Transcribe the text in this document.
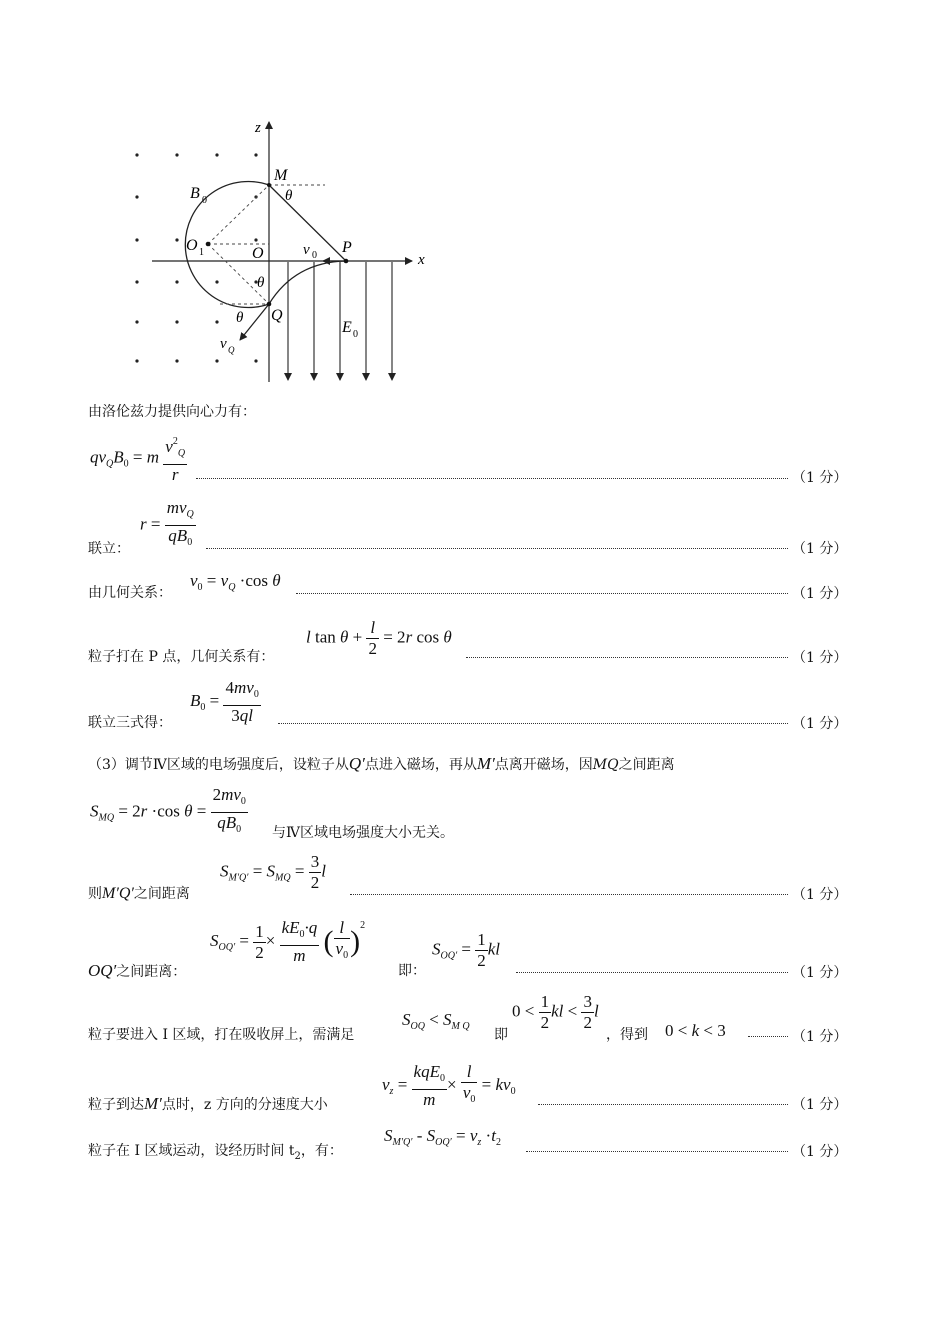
z
x
M
θ
B 0
O 1	O	v 0 P
θ
θ Q
E 0
v Q
由洛伦兹力提供向心力有：
$qv_QB_0 = m \frac{v^2_Q}{r}$
联立：
$r = \frac{mv_Q}{qB_0}$
由几何关系：
$v_0 = v_Q \cdot\cos$ θ
粒子打在 P 点，几何关系有：
l $\tan \theta + \frac{l}{2} = 2r$ cos θ
联立三式得：
$B_0 = \frac{4mv_0}{3ql}$
（3）调节Ⅳ区域的电场强度后，设粒子从Q′点进入磁场，再从M′点离开磁场，因MQ之间距离
$S_{MQ} = 2r \cdot\cos$ $\theta = \frac{2mv_0}{qB_0}$ 与Ⅳ区域电场强度大小无关。
则M′Q′之间距离
$S_{M'Q'} = S_{MQ} = \frac{3}{2}$ l
OQ′之间距离：
$S_{OQ'} = \frac{1}{2} \times \frac{kE_0\cdot q}{m}$ ( $\frac{l}{v_0} )^2$
即：
$S_{OQ'} = \frac{1}{2}$ kl
粒子要进入 I 区域，打在吸收屏上，需满足
$S_{OQ} < S_{M Q}$
即
$0 < \frac{1}{2}$ kl < $\frac{3}{2}$ l
，得到 0 < k < 3
粒子到达M′点时，z 方向的分速度大小
$v_z = \frac{kqE_0}{m} \times \frac{l}{v_0} = kv_0$
粒子在 I 区域运动，设经历时间 $t_2$，有：
$S_{M'Q'} - S_{OQ'} = v_z \cdot t_2$
（1 分）
（1 分）
（1 分）
（1 分）
（1 分）
（1 分）
（1 分）
（1 分）
（1 分）
（1 分）
